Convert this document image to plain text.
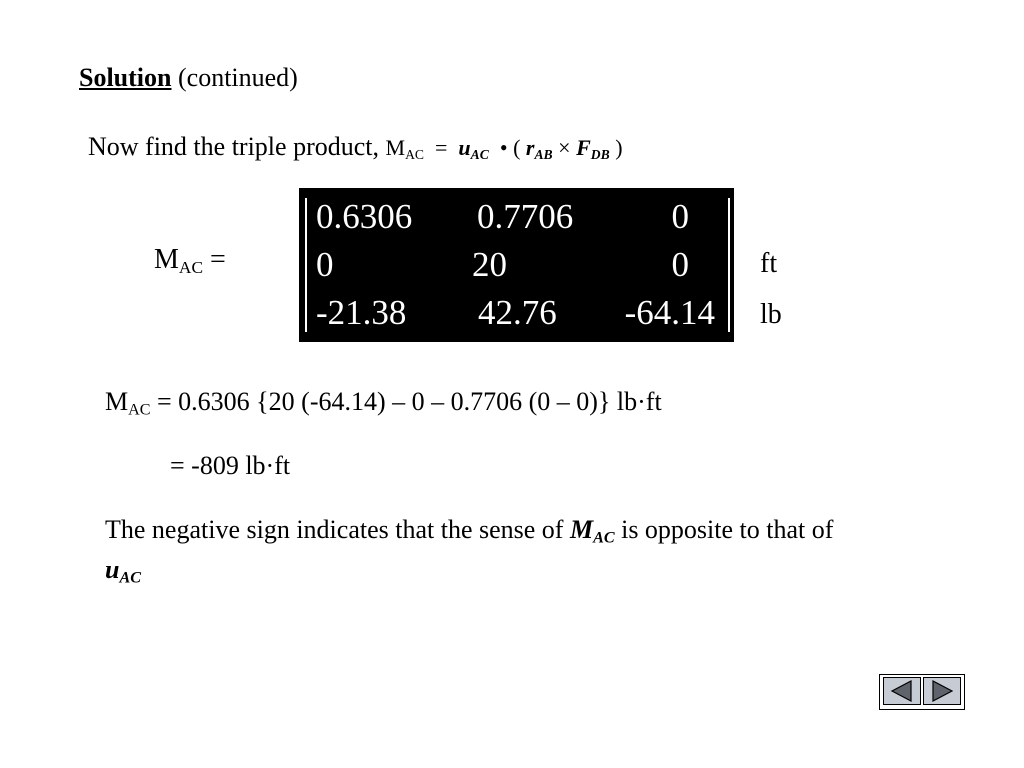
Solution (continued)
Now find the triple product, $M_{AC} = u_{AC}$ • ( $r_{AB} \times F_{DB}$ )
$M_{AC}$ =
0.6306 0.7706	0
0	20	0
-21.38 42.76 -64.14
ft
lb
$M_{AC} = 0.6306$ {20 (-64.14) – 0 – 0.7706 (0 – 0)} lb·ft
= -809 lb·ft
The negative sign indicates that the sense of $M_{AC}$ is opposite to that of $u_{AC}$
